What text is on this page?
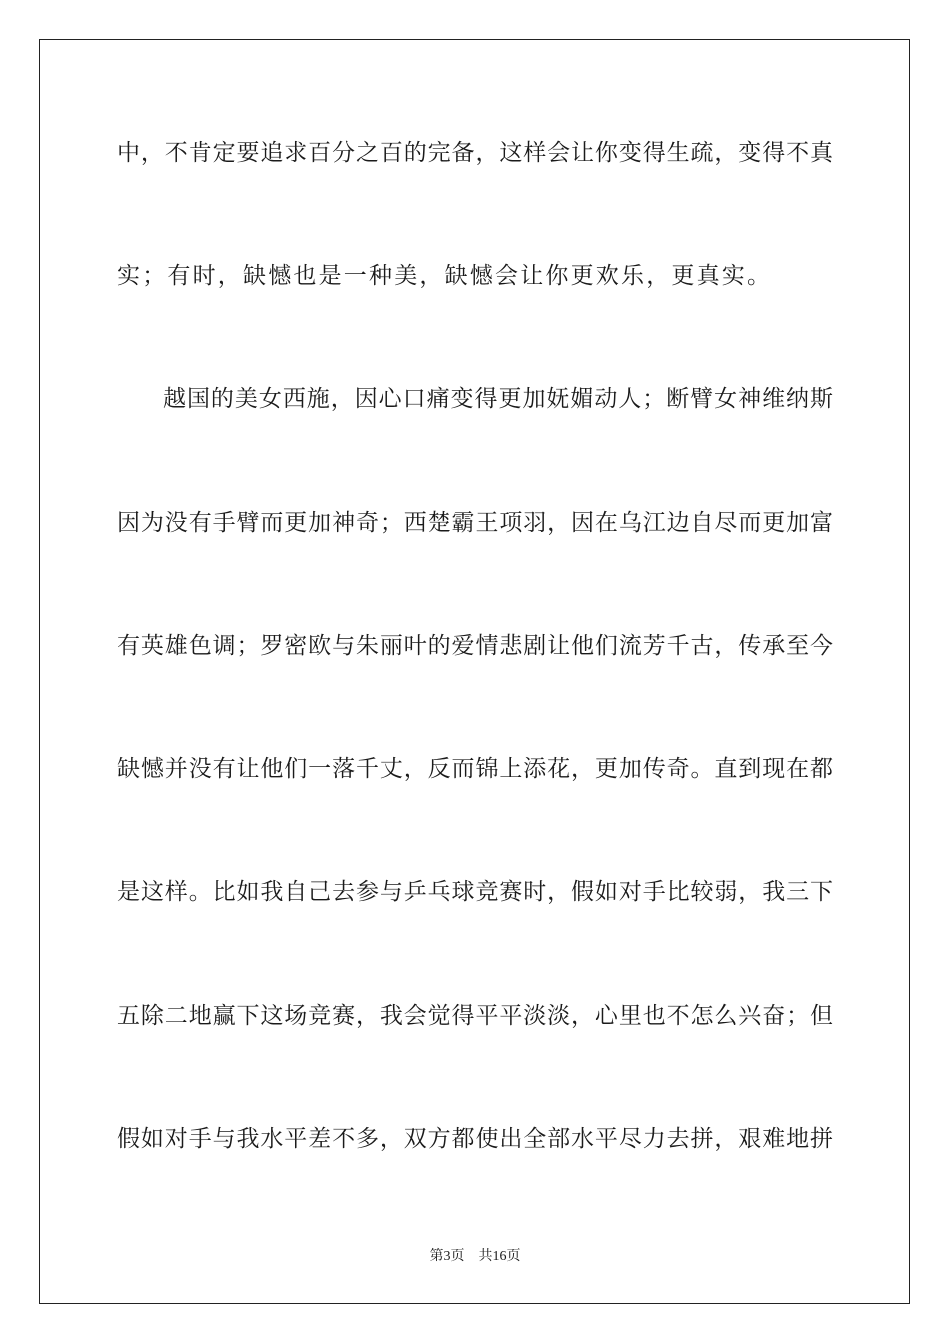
中，不肯定要追求百分之百的完备，这样会让你变得生疏，变得不真
实；有时，缺憾也是一种美，缺憾会让你更欢乐，更真实。
越国的美女西施，因心口痛变得更加妩媚动人；断臂女神维纳斯
因为没有手臂而更加神奇；西楚霸王项羽，因在乌江边自尽而更加富
有英雄色调；罗密欧与朱丽叶的爱情悲剧让他们流芳千古，传承至今
缺憾并没有让他们一落千丈，反而锦上添花，更加传奇。直到现在都
是这样。比如我自己去参与乒乓球竞赛时，假如对手比较弱，我三下
五除二地赢下这场竞赛，我会觉得平平淡淡，心里也不怎么兴奋；但
假如对手与我水平差不多，双方都使出全部水平尽力去拼，艰难地拼
第3页 共16页
